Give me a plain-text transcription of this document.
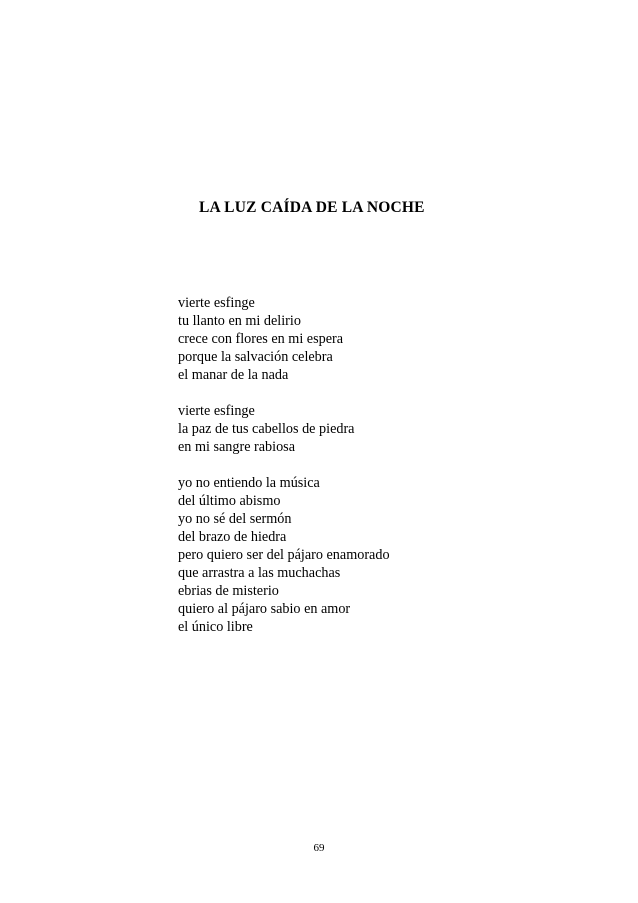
LA LUZ CAÍDA DE LA NOCHE
vierte esfinge
tu llanto en mi delirio
crece con flores en mi espera
porque la salvación celebra
el manar de la nada
vierte esfinge
la paz de tus cabellos de piedra
en mi sangre rabiosa
yo no entiendo la música
del último abismo
yo no sé del sermón
del brazo de hiedra
pero quiero ser del pájaro enamorado
que arrastra a las muchachas
ebrias de misterio
quiero al pájaro sabio en amor
el único libre
69
